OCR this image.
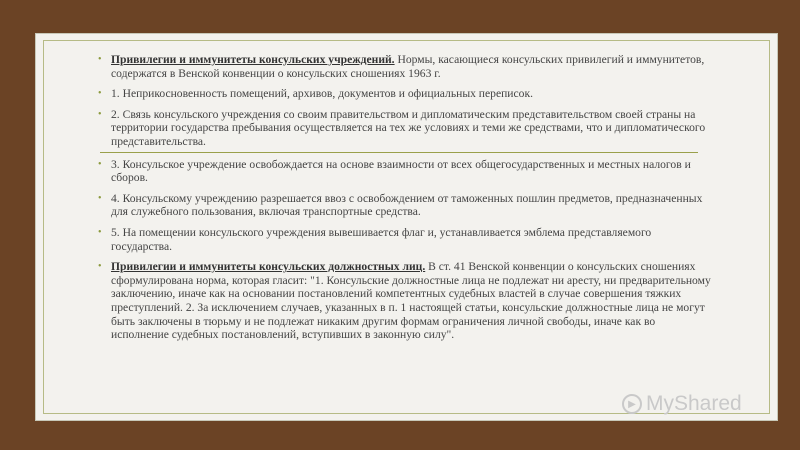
• Привилегии и иммунитеты консульских учреждений. Нормы, касающиеся консульских привилегий и иммунитетов, содержатся в Венской конвенции о консульских сношениях 1963 г.
• 1. Неприкосновенность помещений, архивов, документов и официальных переписок.
• 2. Связь консульского учреждения со своим правительством и дипломатическим представительством своей страны на территории государства пребывания осуществляется на тех же условиях и теми же средствами, что и дипломатического представительства.
• 3. Консульское учреждение освобождается на основе взаимности от всех общегосударственных и местных налогов и сборов.
• 4. Консульскому учреждению разрешается ввоз с освобождением от таможенных пошлин предметов, предназначенных для служебного пользования, включая транспортные средства.
• 5. На помещении консульского учреждения вывешивается флаг и, устанавливается эмблема представляемого государства.
• Привилегии и иммунитеты консульских должностных лиц. В ст. 41 Венской конвенции о консульских сношениях сформулирована норма, которая гласит: "1. Консульские должностные лица не подлежат ни аресту, ни предварительному заключению, иначе как на основании постановлений компетентных судебных властей в случае совершения тяжких преступлений. 2. За исключением случаев, указанных в п. 1 настоящей статьи, консульские должностные лица не могут быть заключены в тюрьму и не подлежат никаким другим формам ограничения личной свободы, иначе как во исполнение судебных постановлений, вступивших в законную силу".
▶ MyShared
